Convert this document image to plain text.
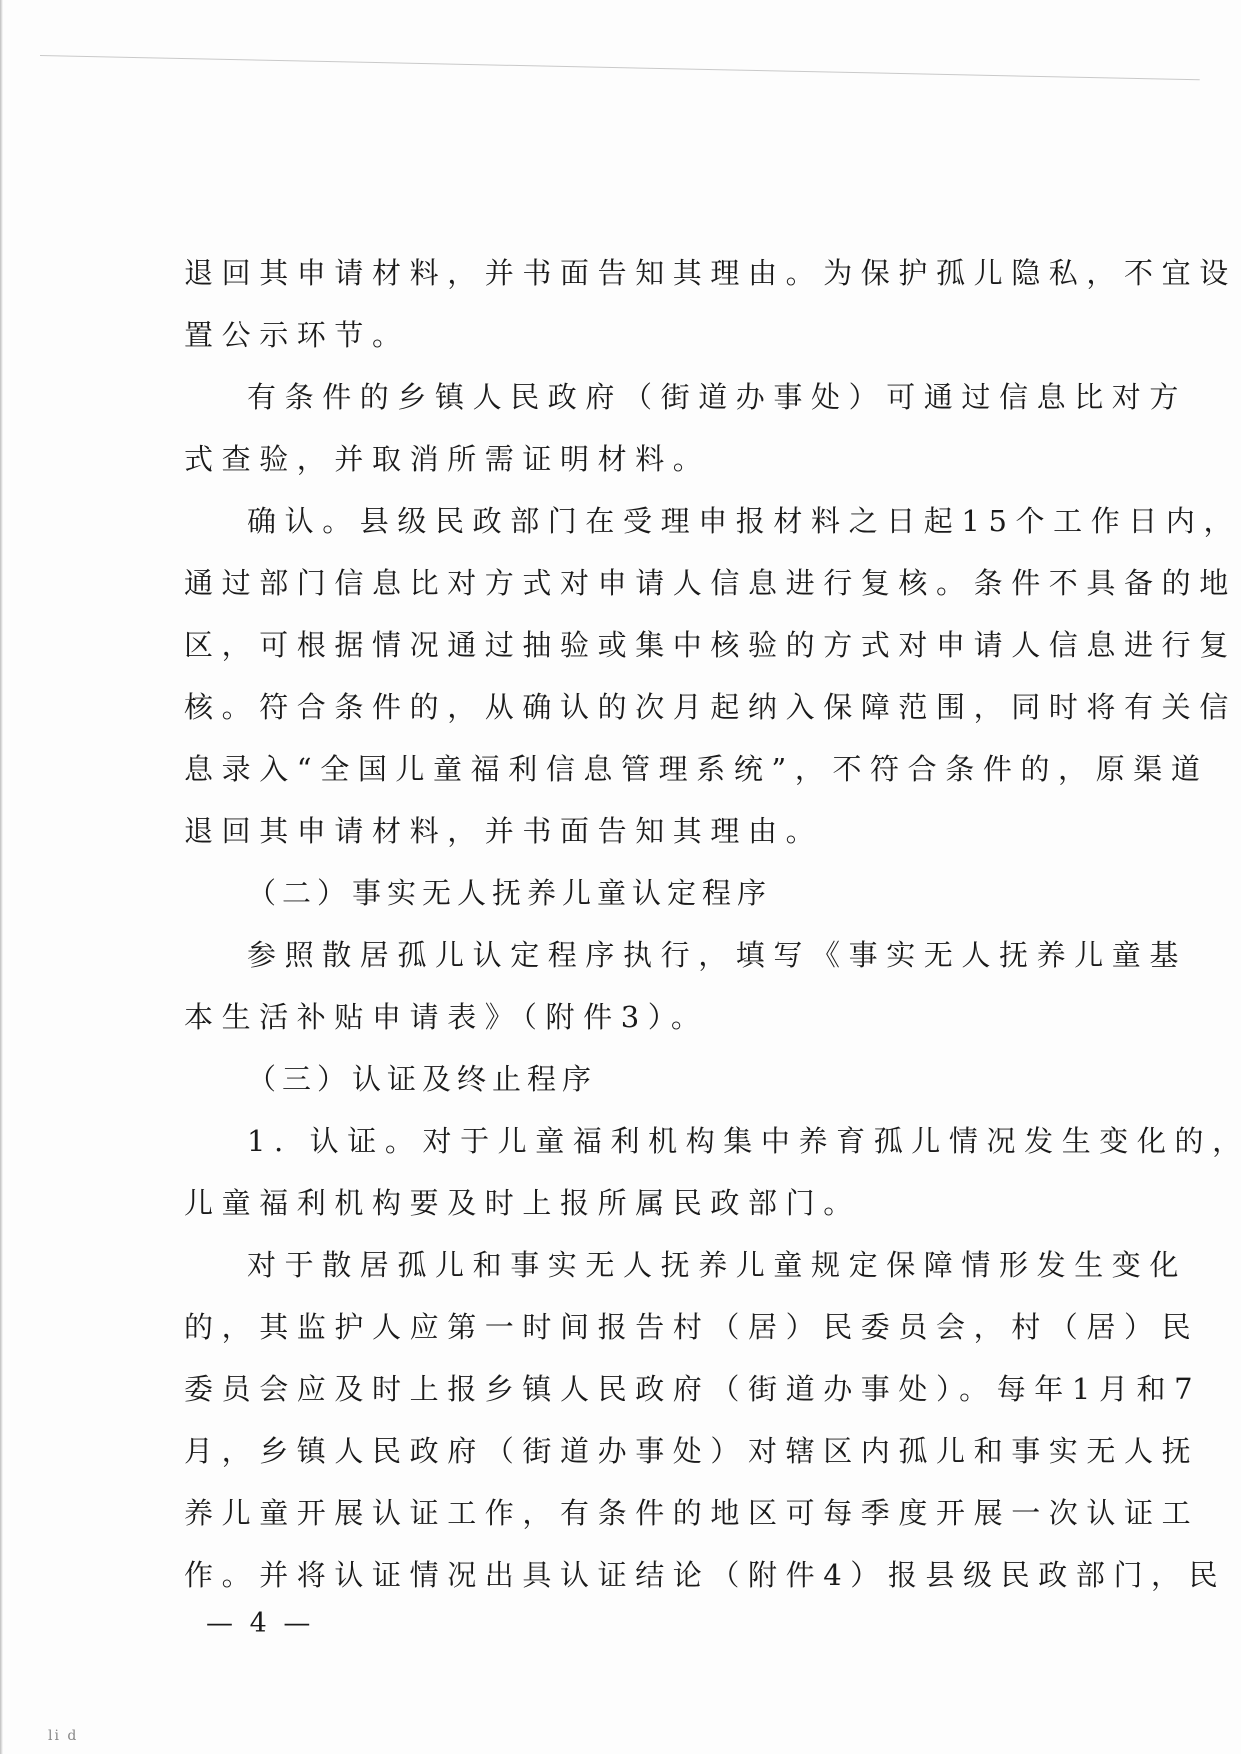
退回其申请材料，并书面告知其理由。为保护孤儿隐私，不宜设
置公示环节。
有条件的乡镇人民政府（街道办事处）可通过信息比对方
式查验，并取消所需证明材料。
确认。县级民政部门在受理申报材料之日起15个工作日内，
通过部门信息比对方式对申请人信息进行复核。条件不具备的地
区，可根据情况通过抽验或集中核验的方式对申请人信息进行复
核。符合条件的，从确认的次月起纳入保障范围，同时将有关信
息录入“全国儿童福利信息管理系统”，不符合条件的，原渠道
退回其申请材料，并书面告知其理由。
（二）事实无人抚养儿童认定程序
参照散居孤儿认定程序执行，填写《事实无人抚养儿童基
本生活补贴申请表》（附件3）。
（三）认证及终止程序
1. 认证。对于儿童福利机构集中养育孤儿情况发生变化的，
儿童福利机构要及时上报所属民政部门。
对于散居孤儿和事实无人抚养儿童规定保障情形发生变化
的，其监护人应第一时间报告村（居）民委员会，村（居）民
委员会应及时上报乡镇人民政府（街道办事处）。每年1月和7
月，乡镇人民政府（街道办事处）对辖区内孤儿和事实无人抚
养儿童开展认证工作，有条件的地区可每季度开展一次认证工
作。并将认证情况出具认证结论（附件4）报县级民政部门，民
— 4 —
li d
